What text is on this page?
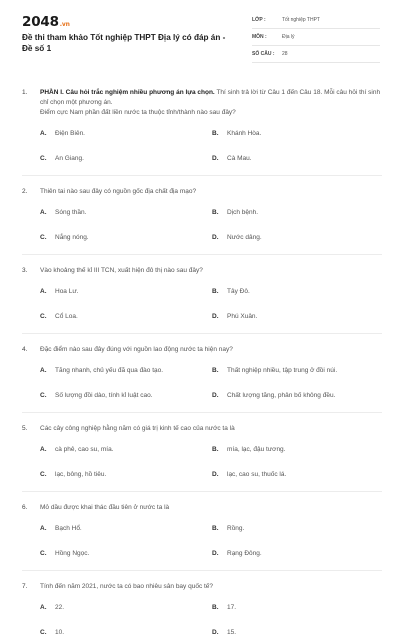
2048.vn
Đề thi tham khảo Tốt nghiệp THPT Địa lý có đáp án - Đề số 1
LỚP :	Tốt nghiệp THPT
MÔN :	Địa lý
SỐ CÂU :	28
1.	PHẦN I. Câu hỏi trắc nghiệm nhiều phương án lựa chọn. Thí sinh trả lời từ Câu 1 đến Câu 18. Mỗi câu hỏi thí sinh chỉ chọn một phương án.
Điểm cực Nam phần đất liền nước ta thuộc tỉnh/thành nào sau đây?
A.	Điện Biên.	B.	Khánh Hòa.
C.	An Giang.	D.	Cà Mau.
2.	Thiên tai nào sau đây có nguồn gốc địa chất địa mạo?
A.	Sóng thần.	B.	Dịch bệnh.
C.	Nắng nóng.	D.	Nước dâng.
3.	Vào khoảng thế kỉ III TCN, xuất hiện đô thị nào sau đây?
A.	Hoa Lư.	B.	Tây Đô.
C.	Cổ Loa.	D.	Phú Xuân.
4.	Đặc điểm nào sau đây đúng với nguồn lao động nước ta hiện nay?
A.	Tăng nhanh, chủ yếu đã qua đào tạo.	B.	Thất nghiệp nhiều, tập trung ở đồi núi.
C.	Số lượng đồi dào, tính kỉ luật cao.	D.	Chất lượng tăng, phân bố không đều.
5.	Các cây công nghiệp hằng năm có giá trị kinh tế cao của nước ta là
A.	cà phê, cao su, mía.	B.	mía, lạc, đậu tương.
C.	lạc, bông, hồ tiêu.	D.	lạc, cao su, thuốc lá.
6.	Mỏ dầu được khai thác đầu tiên ở nước ta là
A.	Bạch Hổ.	B.	Rồng.
C.	Hồng Ngọc.	D.	Rạng Đông.
7.	Tính đến năm 2021, nước ta có bao nhiêu sân bay quốc tế?
A.	22.	B.	17.
C.	10.	D.	15.
